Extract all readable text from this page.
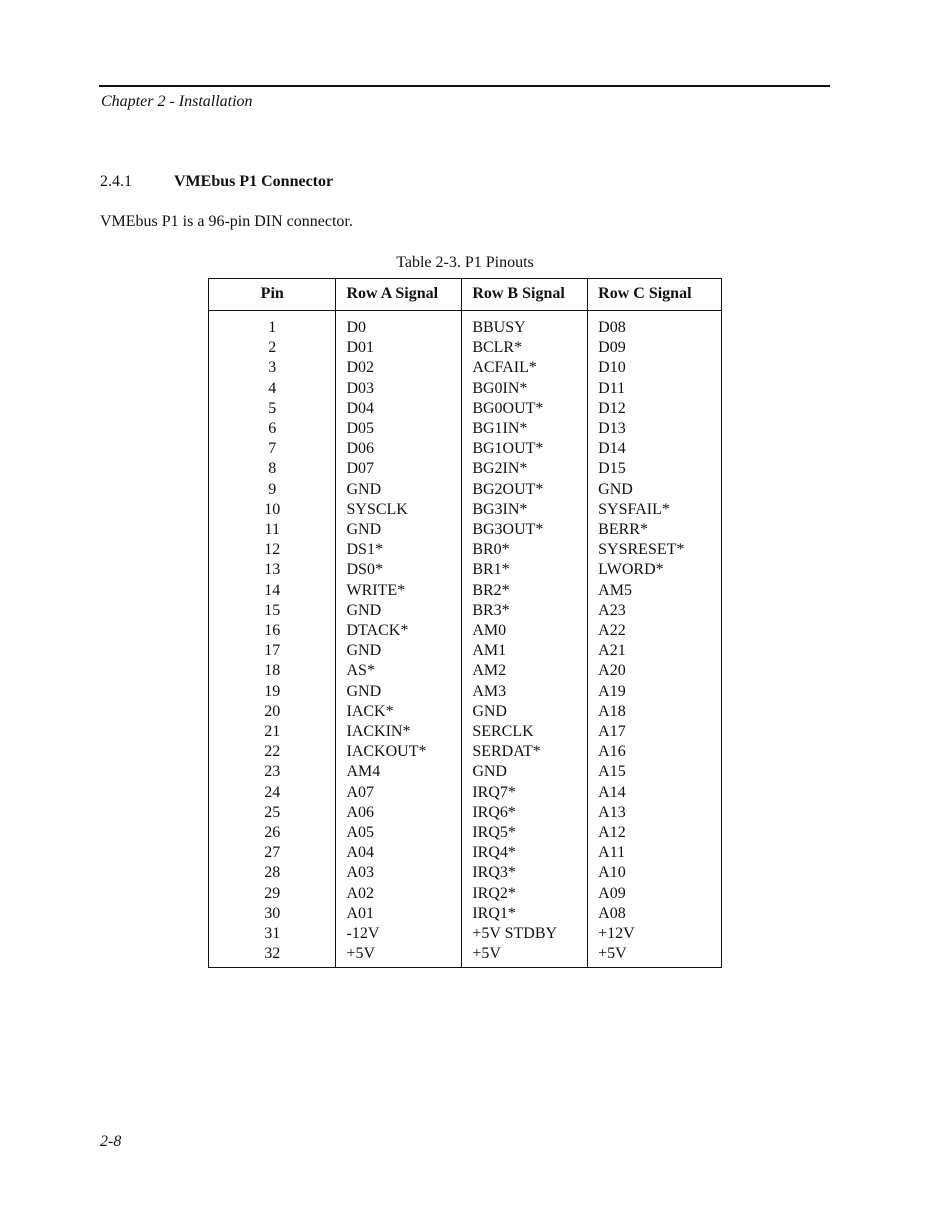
Chapter 2 - Installation
2.4.1	VMEbus P1 Connector
VMEbus P1 is a 96-pin DIN connector.
Table 2-3. P1 Pinouts
Pin	Row A Signal	Row B Signal	Row C Signal
1	D0	BBUSY	D08
2	D01	BCLR*	D09
3	D02	ACFAIL*	D10
4	D03	BG0IN*	D11
5	D04	BG0OUT*	D12
6	D05	BG1IN*	D13
7	D06	BG1OUT*	D14
8	D07	BG2IN*	D15
9	GND	BG2OUT*	GND
10	SYSCLK	BG3IN*	SYSFAIL*
11	GND	BG3OUT*	BERR*
12	DS1*	BR0*	SYSRESET*
13	DS0*	BR1*	LWORD*
14	WRITE*	BR2*	AM5
15	GND	BR3*	A23
16	DTACK*	AM0	A22
17	GND	AM1	A21
18	AS*	AM2	A20
19	GND	AM3	A19
20	IACK*	GND	A18
21	IACKIN*	SERCLK	A17
22	IACKOUT*	SERDAT*	A16
23	AM4	GND	A15
24	A07	IRQ7*	A14
25	A06	IRQ6*	A13
26	A05	IRQ5*	A12
27	A04	IRQ4*	A11
28	A03	IRQ3*	A10
29	A02	IRQ2*	A09
30	A01	IRQ1*	A08
31	-12V	+5V STDBY	+12V
32	+5V	+5V	+5V
2-8
